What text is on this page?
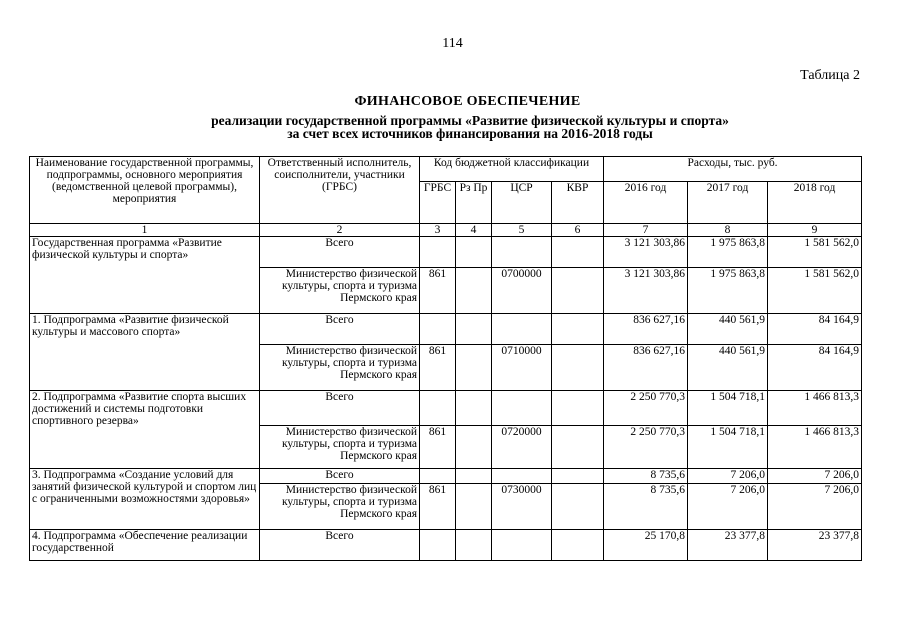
114
Таблица 2
ФИНАНСОВОЕ ОБЕСПЕЧЕНИЕ
реализации государственной программы «Развитие физической культуры и спорта»
за счет всех источников финансирования на 2016-2018 годы
Наименование государственной программы, подпрограммы, основного мероприятия (ведомственной целевой программы), мероприятия	Ответственный исполнитель, соисполнители, участники (ГРБС)	Код бюджетной классификации				Расходы, тыс. руб.		
		ГРБС	Рз Пр	ЦСР	КВР	2016 год	2017 год	2018 год
1	2	3	4	5	6	7	8	9
Государственная программа «Развитие физической культуры и спорта»	Всего					3 121 303,86	1 975 863,8	1 581 562,0
	Министерство физической культуры, спорта и туризма Пермского края	861		0700000		3 121 303,86	1 975 863,8	1 581 562,0
1. Подпрограмма «Развитие физической культуры и массового спорта»	Всего					836 627,16	440 561,9	84 164,9
	Министерство физической культуры, спорта и туризма Пермского края	861		0710000		836 627,16	440 561,9	84 164,9
2. Подпрограмма «Развитие спорта высших достижений и системы подготовки спортивного резерва»	Всего					2 250 770,3	1 504 718,1	1 466 813,3
	Министерство физической культуры, спорта и туризма Пермского края	861		0720000		2 250 770,3	1 504 718,1	1 466 813,3
3. Подпрограмма «Создание условий для занятий физической культурой и спортом лиц с ограниченными возможностями здоровья»	Всего					8 735,6	7 206,0	7 206,0
	Министерство физической культуры, спорта и туризма Пермского края	861		0730000		8 735,6	7 206,0	7 206,0
4. Подпрограмма «Обеспечение реализации государственной	Всего					25 170,8	23 377,8	23 377,8
